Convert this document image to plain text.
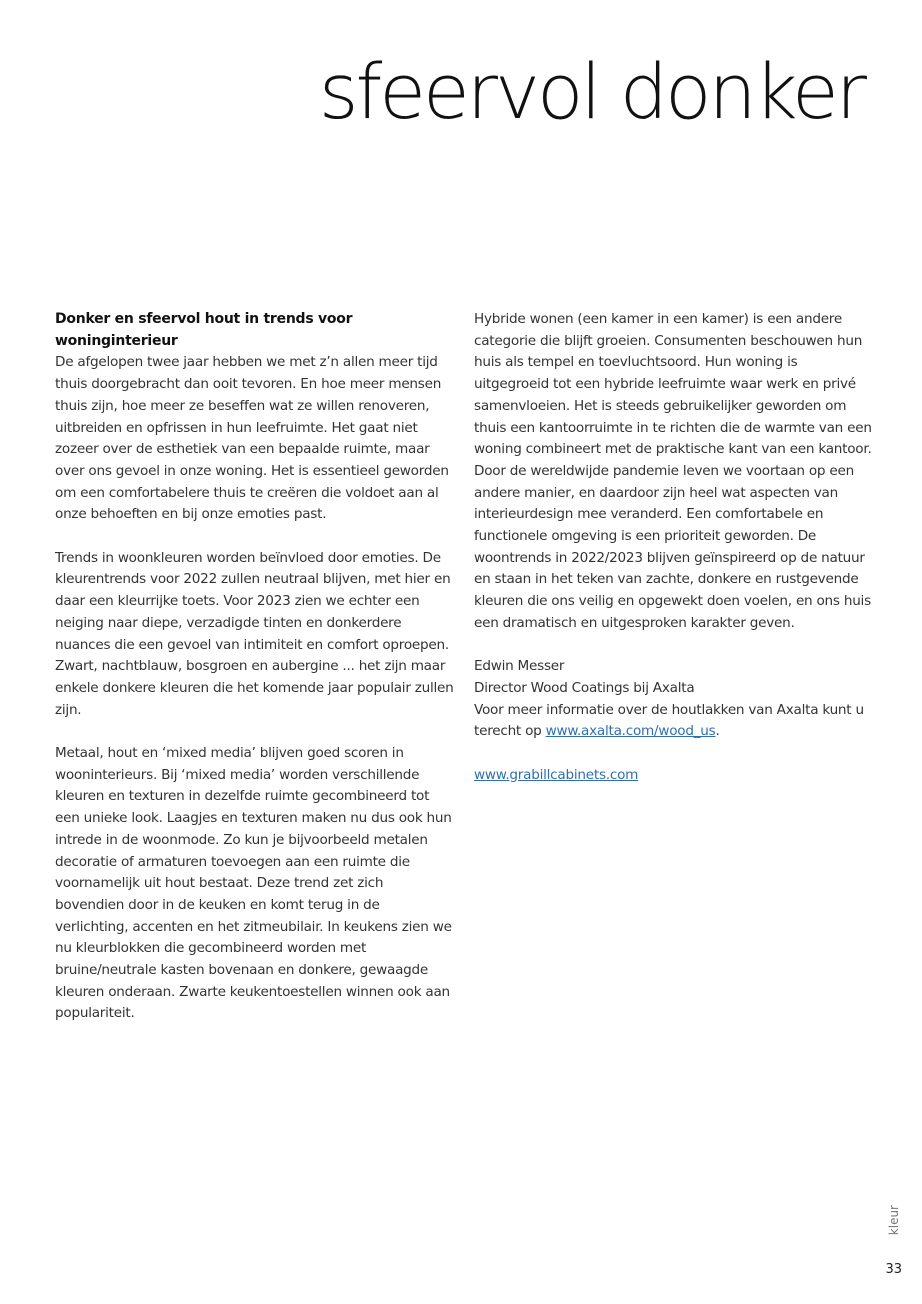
sfeervol donker

Donker en sfeervol hout in trends voor woninginterieur

De afgelopen twee jaar hebben we met z’n allen meer tijd thuis doorgebracht dan ooit tevoren. En hoe meer mensen thuis zijn, hoe meer ze beseffen wat ze willen renoveren, uitbreiden en opfrissen in hun leefruimte. Het gaat niet zozeer over de esthetiek van een bepaalde ruimte, maar over ons gevoel in onze woning. Het is essentieel geworden om een comfortabelere thuis te creëren die voldoet aan al onze behoeften en bij onze emoties past.

Trends in woonkleuren worden beïnvloed door emoties. De kleurentrends voor 2022 zullen neutraal blijven, met hier en daar een kleurrijke toets. Voor 2023 zien we echter een neiging naar diepe, verzadigde tinten en donkerdere nuances die een gevoel van intimiteit en comfort oproepen. Zwart, nachtblauw, bosgroen en aubergine ... het zijn maar enkele donkere kleuren die het komende jaar populair zullen zijn.

Metaal, hout en ‘mixed media’ blijven goed scoren in wooninterieurs. Bij ‘mixed media’ worden verschillende kleuren en texturen in dezelfde ruimte gecombineerd tot een unieke look. Laagjes en texturen maken nu dus ook hun intrede in de woonmode. Zo kun je bijvoorbeeld metalen decoratie of armaturen toevoegen aan een ruimte die voornamelijk uit hout bestaat. Deze trend zet zich bovendien door in de keuken en komt terug in de verlichting, accenten en het zitmeubilair. In keukens zien we nu kleurblokken die gecombineerd worden met bruine/neutrale kasten bovenaan en donkere, gewaagde kleuren onderaan. Zwarte keukentoestellen winnen ook aan populariteit.

Hybride wonen (een kamer in een kamer) is een andere categorie die blijft groeien. Consumenten beschouwen hun huis als tempel en toevluchtsoord. Hun woning is uitgegroeid tot een hybride leefruimte waar werk en privé samenvloeien. Het is steeds gebruikelijker geworden om thuis een kantoorruimte in te richten die de warmte van een woning combineert met de praktische kant van een kantoor. Door de wereldwijde pandemie leven we voortaan op een andere manier, en daardoor zijn heel wat aspecten van interieurdesign mee veranderd. Een comfortabele en functionele omgeving is een prioriteit geworden. De woontrends in 2022/2023 blijven geïnspireerd op de natuur en staan in het teken van zachte, donkere en rustgevende kleuren die ons veilig en opgewekt doen voelen, en ons huis een dramatisch en uitgesproken karakter geven.

Edwin Messer
Director Wood Coatings bij Axalta

Voor meer informatie over de houtlakken van Axalta kunt u terecht op www.axalta.com/wood_us.

www.grabillcabinets.com

kleur
33
